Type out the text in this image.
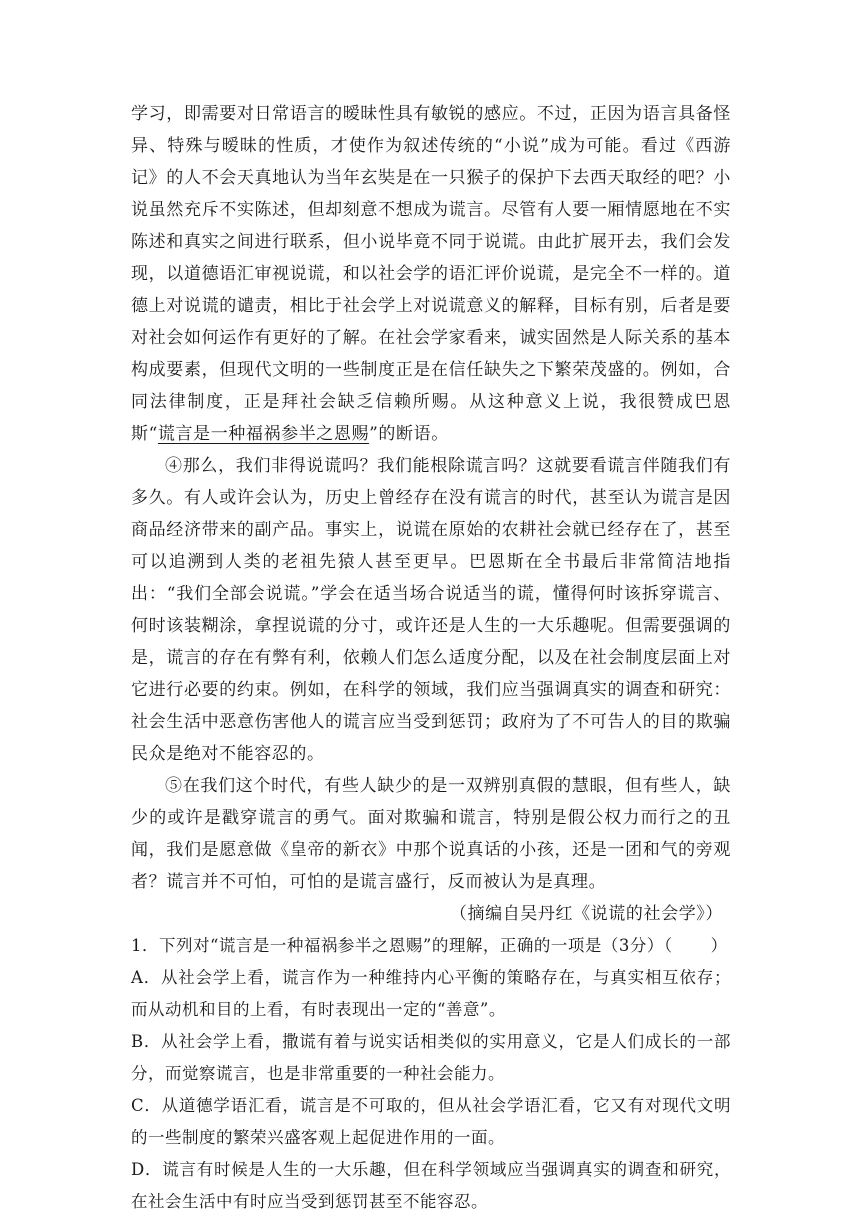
学习，即需要对日常语言的暧昧性具有敏锐的感应。不过，正因为语言具备怪异、特殊与暧昧的性质，才使作为叙述传统的“小说”成为可能。看过《西游记》的人不会天真地认为当年玄奘是在一只猴子的保护下去西天取经的吧？小说虽然充斥不实陈述，但却刻意不想成为谎言。尽管有人要一厢情愿地在不实陈述和真实之间进行联系，但小说毕竟不同于说谎。由此扩展开去，我们会发现，以道德语汇审视说谎，和以社会学的语汇评价说谎，是完全不一样的。道德上对说谎的谴责，相比于社会学上对说谎意义的解释，目标有别，后者是要对社会如何运作有更好的了解。在社会学家看来，诚实固然是人际关系的基本构成要素，但现代文明的一些制度正是在信任缺失之下繁荣茂盛的。例如，合同法律制度，正是拜社会缺乏信赖所赐。从这种意义上说，我很赞成巴恩斯“谎言是一种福祸参半之恩赐”的断语。

④那么，我们非得说谎吗？我们能根除谎言吗？这就要看谎言伴随我们有多久。有人或许会认为，历史上曾经存在没有谎言的时代，甚至认为谎言是因商品经济带来的副产品。事实上，说谎在原始的农耕社会就已经存在了，甚至可以追溯到人类的老祖先猿人甚至更早。巴恩斯在全书最后非常简洁地指出：“我们全部会说谎。”学会在适当场合说适当的谎，懂得何时该拆穿谎言、何时该装糊涂，拿捏说谎的分寸，或许还是人生的一大乐趣呢。但需要强调的是，谎言的存在有弊有利，依赖人们怎么适度分配，以及在社会制度层面上对它进行必要的约束。例如，在科学的领域，我们应当强调真实的调查和研究：社会生活中恶意伤害他人的谎言应当受到惩罚；政府为了不可告人的目的欺骗民众是绝对不能容忍的。

⑤在我们这个时代，有些人缺少的是一双辨别真假的慧眼，但有些人，缺少的或许是戳穿谎言的勇气。面对欺骗和谎言，特别是假公权力而行之的丑闻，我们是愿意做《皇帝的新衣》中那个说真话的小孩，还是一团和气的旁观者？谎言并不可怕，可怕的是谎言盛行，反而被认为是真理。

（摘编自吴丹红《说谎的社会学》）

1．下列对“谎言是一种福祸参半之恩赐”的理解，正确的一项是（3分）（ ）

A．从社会学上看，谎言作为一种维持内心平衡的策略存在，与真实相互依存；而从动机和目的上看，有时表现出一定的“善意”。

B．从社会学上看，撒谎有着与说实话相类似的实用意义，它是人们成长的一部分，而觉察谎言，也是非常重要的一种社会能力。

C．从道德学语汇看，谎言是不可取的，但从社会学语汇看，它又有对现代文明的一些制度的繁荣兴盛客观上起促进作用的一面。

D．谎言有时候是人生的一大乐趣，但在科学领域应当强调真实的调查和研究，在社会生活中有时应当受到惩罚甚至不能容忍。
